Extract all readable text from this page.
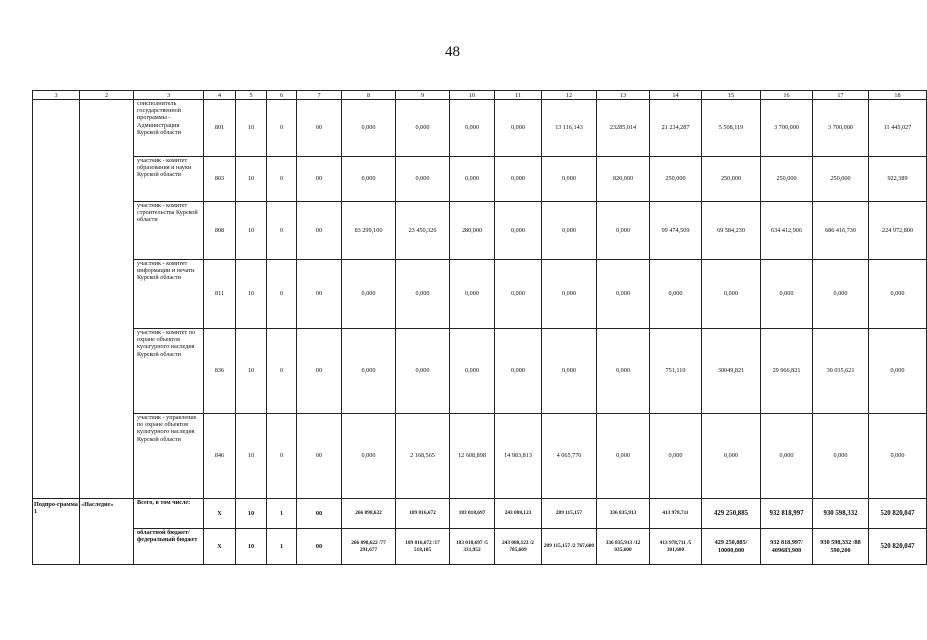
48
3	2	3	4	5	6	7	8	9	10	11	12	13	14	15	16	17	18
		соисполнитель государственной программы - Администрация Курской области	801	10	0	00	0,000	0,000	0,000	0,000	13 116,143	23285,014	21 234,287	5 508,119	3 700,000	3 700,000	11 445,027
		участник - комитет образования и науки Курской области	803	10	0	00	0,000	0,000	0,000	0,000	0,000	820,000	250,000	250,000	250,000	250,000	922,389
		участник - комитет строительства Курской области	808	10	0	00	83 299,100	23 450,326	280,000	0,000	0,000	0,000	99 474,509	69 584,230	634 412,906	686 416,730	224 972,800
		участник - комитет информации и печати Курской области	811	10	0	00	0,000	0,000	0,000	0,000	0,000	0,000	0,000	0,000	0,000	0,000	0,000
		участник - комитет по охране объектов культурного наследия Курской области	836	10	0	00	0,000	0,000	0,000	0,000	0,000	0,000	751,110	30049,821	29 966,821	30 035,621	0,000
		участник - управление по охране объектов культурного наследия Курской области	846	10	0	00	0,000	2 168,565	12 608,898	14 983,813	4 065,770	0,000	0,000	0,000	0,000	0,000	0,000
Подпро-грамма 1	«Наследие»	Всего, в том числе:	X	10	1	00	266 898,622	189 816,672	183 018,697	243 088,123	289 115,157	336 835,913	413 978,711	429 250,885	932 818,997	930 598,332	520 820,047
		областной бюджет/ федеральный бюджет	X	10	1	00	266 898,622 /77 291,677	189 816,672 /17 518,105	183 018,697 /5 331,952	243 088,123 /2 785,609	289 115,157 /2 767,600	336 835,913 /12 035,600	413 978,711 /5 301,600	429 250,885/ 10000,000	932 818,997/ 409683,900	930 598,332 /88 590,200	520 820,047
